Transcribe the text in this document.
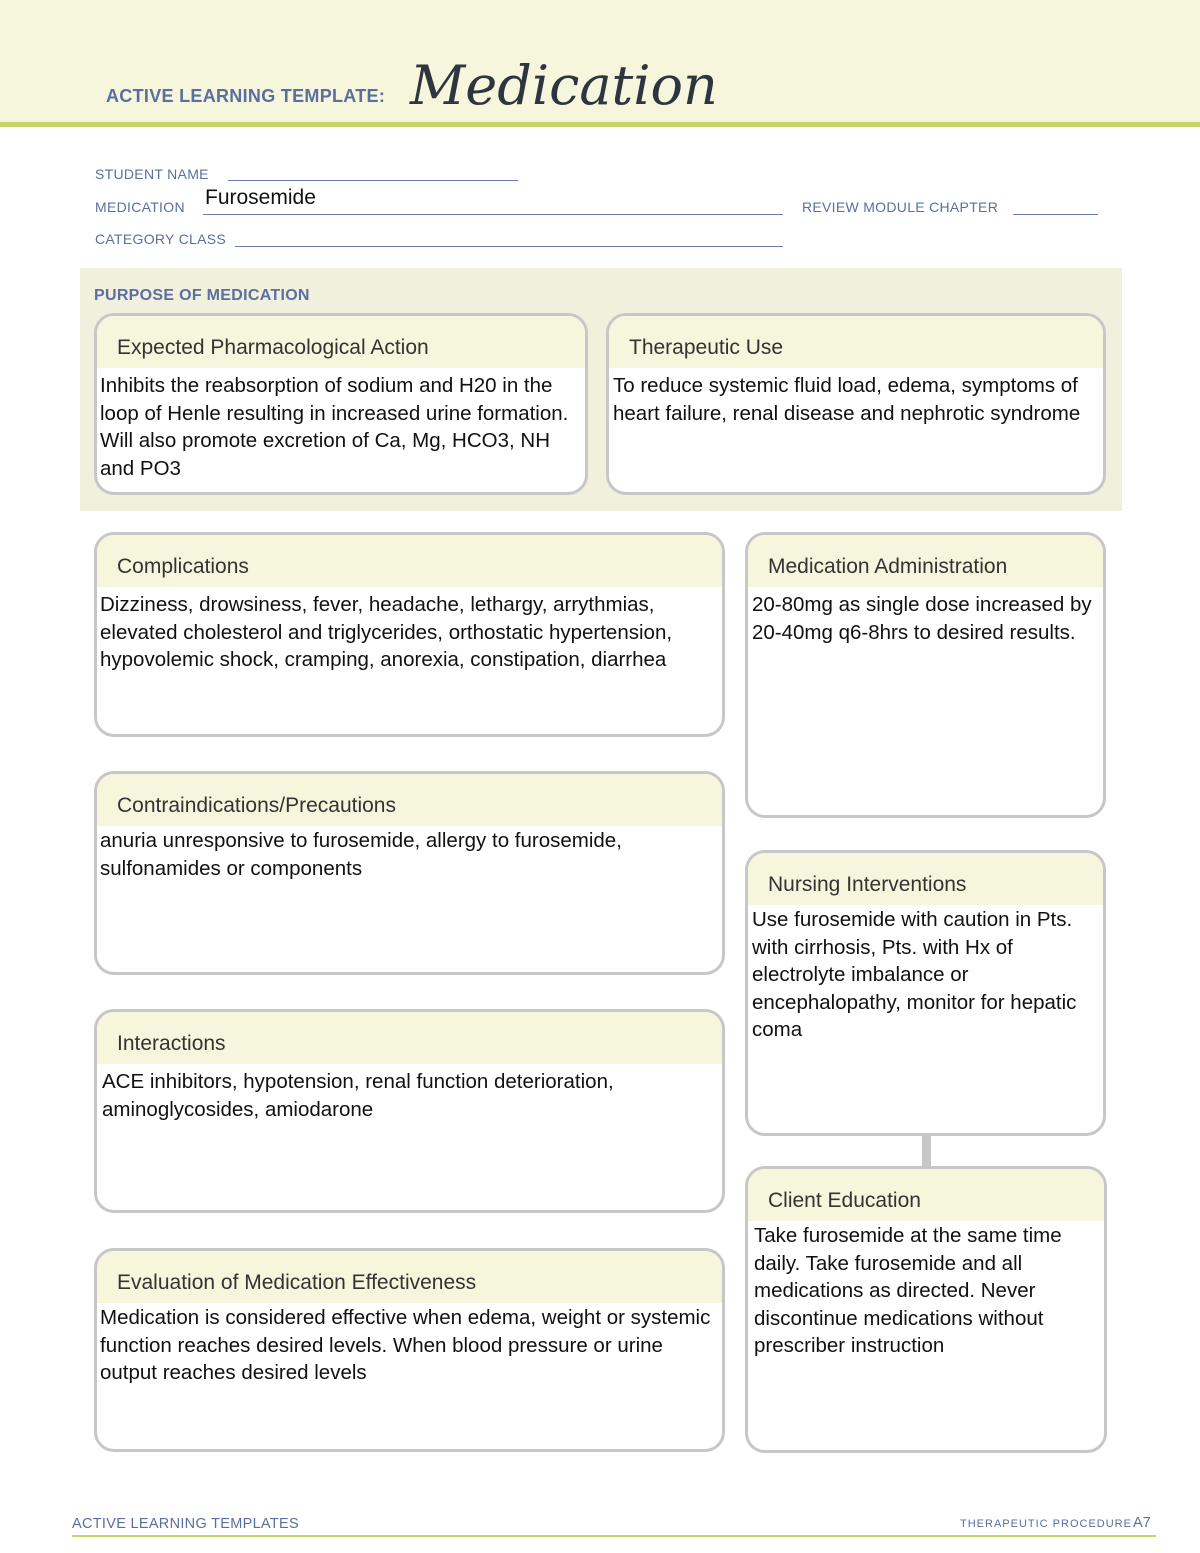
ACTIVE LEARNING TEMPLATE: Medication
STUDENT NAME
MEDICATION Furosemide	REVIEW MODULE CHAPTER
CATEGORY CLASS
PURPOSE OF MEDICATION
Expected Pharmacological Action
Inhibits the reabsorption of sodium and H20 in the loop of Henle resulting in increased urine formation. Will also promote excretion of Ca, Mg, HCO3, NH and PO3
Therapeutic Use
To reduce systemic fluid load, edema, symptoms of heart failure, renal disease and nephrotic syndrome
Complications
Dizziness, drowsiness, fever, headache, lethargy, arrythmias, elevated cholesterol and triglycerides, orthostatic hypertension, hypovolemic shock, cramping, anorexia, constipation, diarrhea
Contraindications/Precautions
anuria unresponsive to furosemide, allergy to furosemide, sulfonamides or components
Interactions
ACE inhibitors, hypotension, renal function deterioration, aminoglycosides, amiodarone
Evaluation of Medication Effectiveness
Medication is considered effective when edema, weight or systemic function reaches desired levels. When blood pressure or urine output reaches desired levels
Medication Administration
20-80mg as single dose increased by 20-40mg q6-8hrs to desired results.
Nursing Interventions
Use furosemide with caution in Pts. with cirrhosis, Pts. with Hx of electrolyte imbalance or encephalopathy, monitor for hepatic coma
Client Education
Take furosemide at the same time daily. Take furosemide and all medications as directed. Never discontinue medications without prescriber instruction
ACTIVE LEARNING TEMPLATES	THERAPEUTIC PROCEDURE A7
